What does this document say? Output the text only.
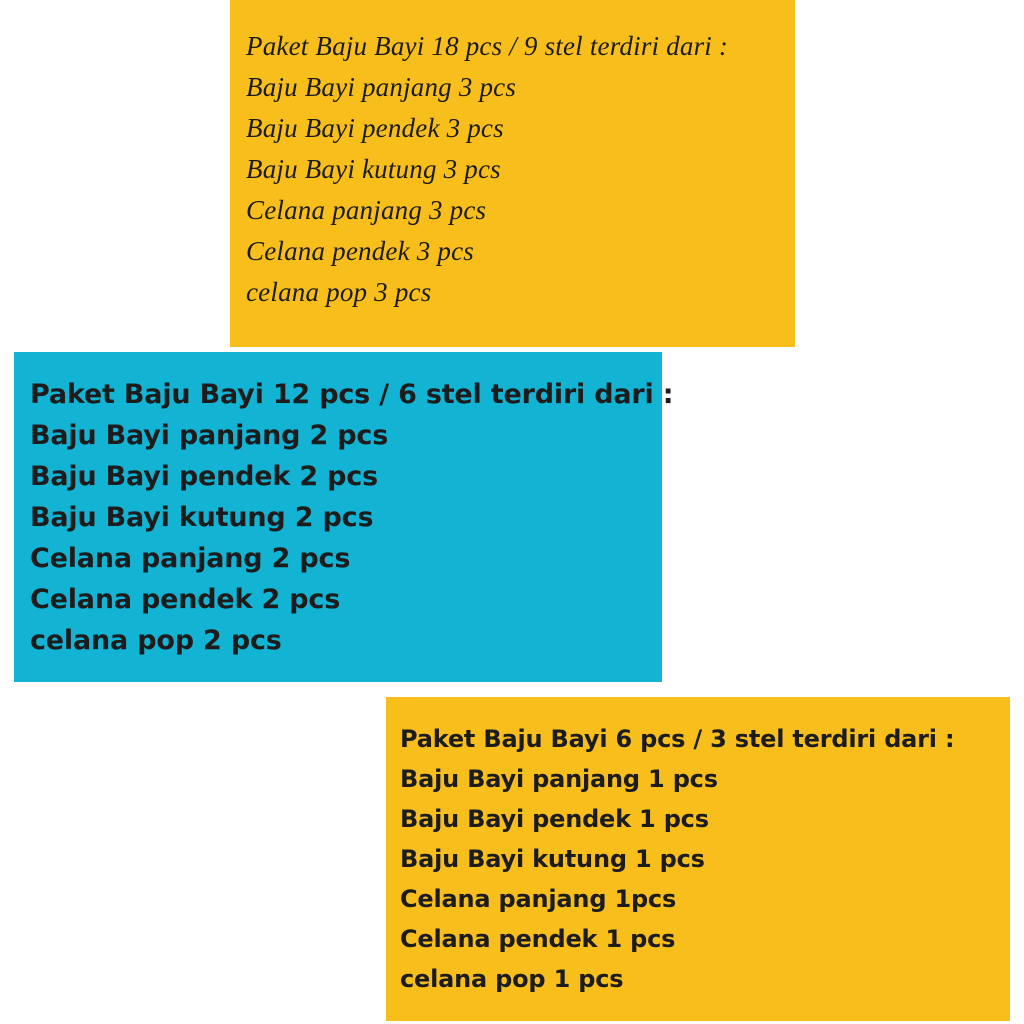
Paket Baju Bayi 18 pcs / 9 stel terdiri dari :
Baju Bayi panjang 3 pcs
Baju Bayi pendek 3 pcs
Baju Bayi kutung 3 pcs
Celana panjang 3 pcs
Celana pendek 3 pcs
celana pop 3 pcs
Paket Baju Bayi 12 pcs / 6 stel terdiri dari :
Baju Bayi panjang 2 pcs
Baju Bayi pendek 2 pcs
Baju Bayi kutung 2 pcs
Celana panjang 2 pcs
Celana pendek 2 pcs
celana pop 2 pcs
Paket Baju Bayi 6 pcs / 3 stel terdiri dari :
Baju Bayi panjang 1 pcs
Baju Bayi pendek 1 pcs
Baju Bayi kutung 1 pcs
Celana panjang 1pcs
Celana pendek 1 pcs
celana pop 1 pcs
